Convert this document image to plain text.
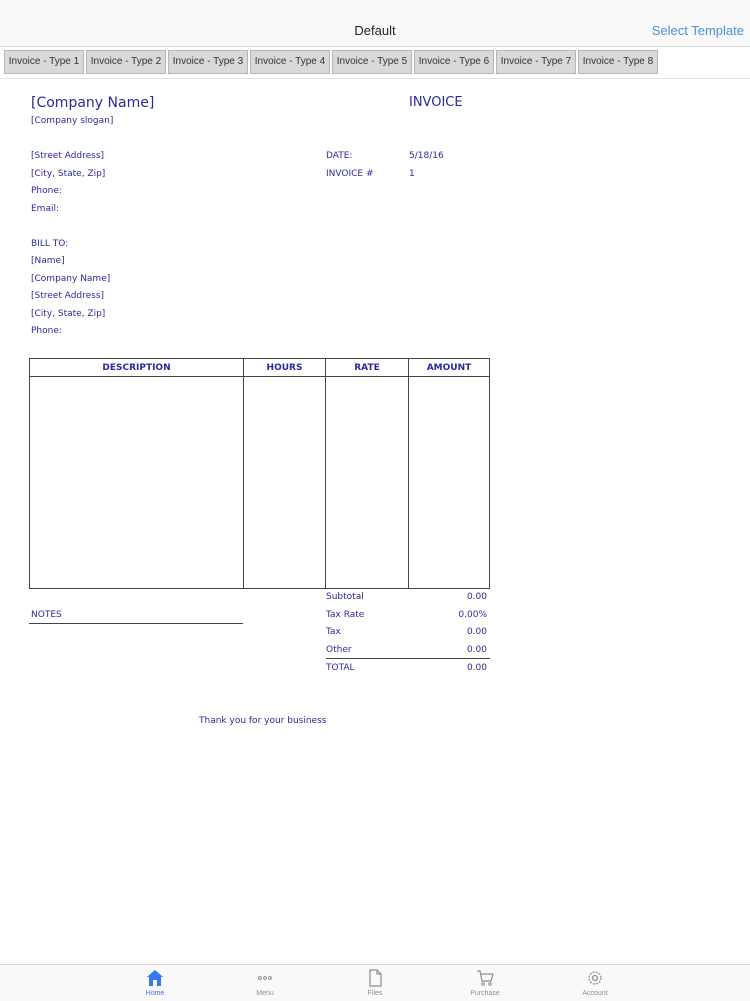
Default	Select Template
Invoice - Type 1	Invoice - Type 2	Invoice - Type 3	Invoice - Type 4	Invoice - Type 5	Invoice - Type 6	Invoice - Type 7	Invoice - Type 8
[Company Name]
[Company slogan]
INVOICE
[Street Address]
[City, State, Zip]
Phone:
Email:
DATE:	5/18/16
INVOICE #	1
BILL TO:
[Name]
[Company Name]
[Street Address]
[City, State, Zip]
Phone:
DESCRIPTION	HOURS	RATE	AMOUNT
NOTES
Subtotal	0.00
Tax Rate	0.00%
Tax	0.00
Other	0.00
TOTAL	0.00
Thank you for your business
Home	Menu	Files	Purchase	Account
